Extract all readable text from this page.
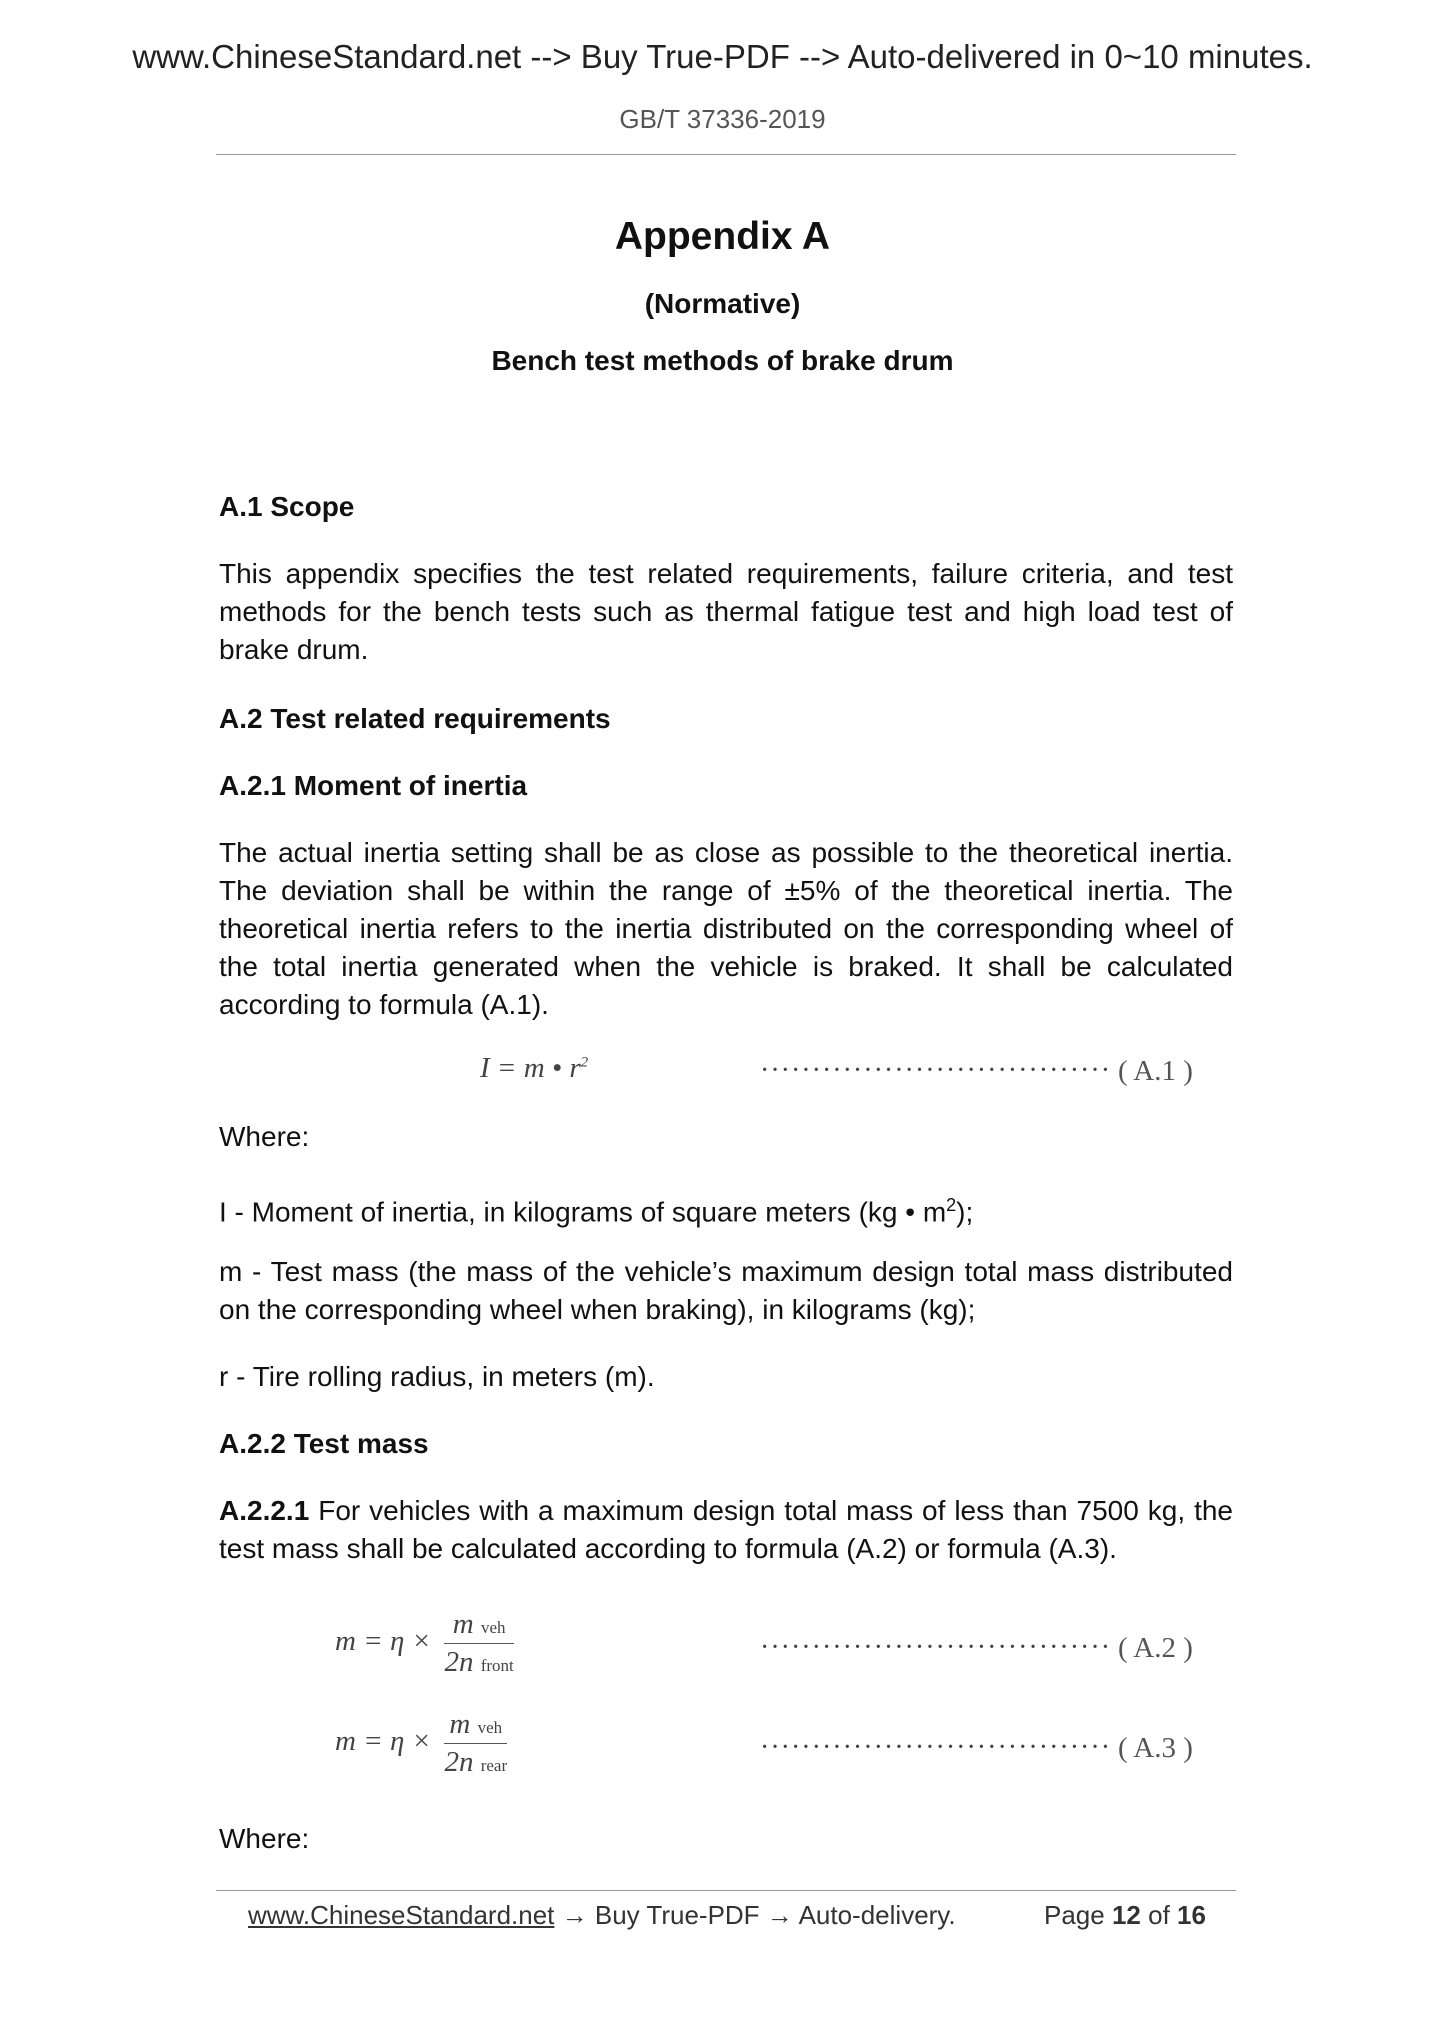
www.ChineseStandard.net --> Buy True-PDF --> Auto-delivered in 0~10 minutes.
GB/T 37336-2019
Appendix A
(Normative)
Bench test methods of brake drum
A.1 Scope
This appendix specifies the test related requirements, failure criteria, and test methods for the bench tests such as thermal fatigue test and high load test of brake drum.
A.2 Test related requirements
A.2.1 Moment of inertia
The actual inertia setting shall be as close as possible to the theoretical inertia. The deviation shall be within the range of ±5% of the theoretical inertia. The theoretical inertia refers to the inertia distributed on the corresponding wheel of the total inertia generated when the vehicle is braked. It shall be calculated according to formula (A.1).
I = m • $r^2$	·································· ( A.1 )
Where:
I - Moment of inertia, in kilograms of square meters (kg • $m^2$);
m - Test mass (the mass of the vehicle’s maximum design total mass distributed on the corresponding wheel when braking), in kilograms (kg);
r - Tire rolling radius, in meters (m).
A.2.2 Test mass
A.2.2.1 For vehicles with a maximum design total mass of less than 7500 kg, the test mass shall be calculated according to formula (A.2) or formula (A.3).
$m = \eta \times \frac{\text{m veh}}{\text{2n front}}$	·································· ( A.2 )
$m = \eta \times \frac{\text{m veh}}{\text{2n rear}}$	·································· ( A.3 )
Where:
www.ChineseStandard.net → Buy True-PDF → Auto-delivery.	Page 12 of 16
